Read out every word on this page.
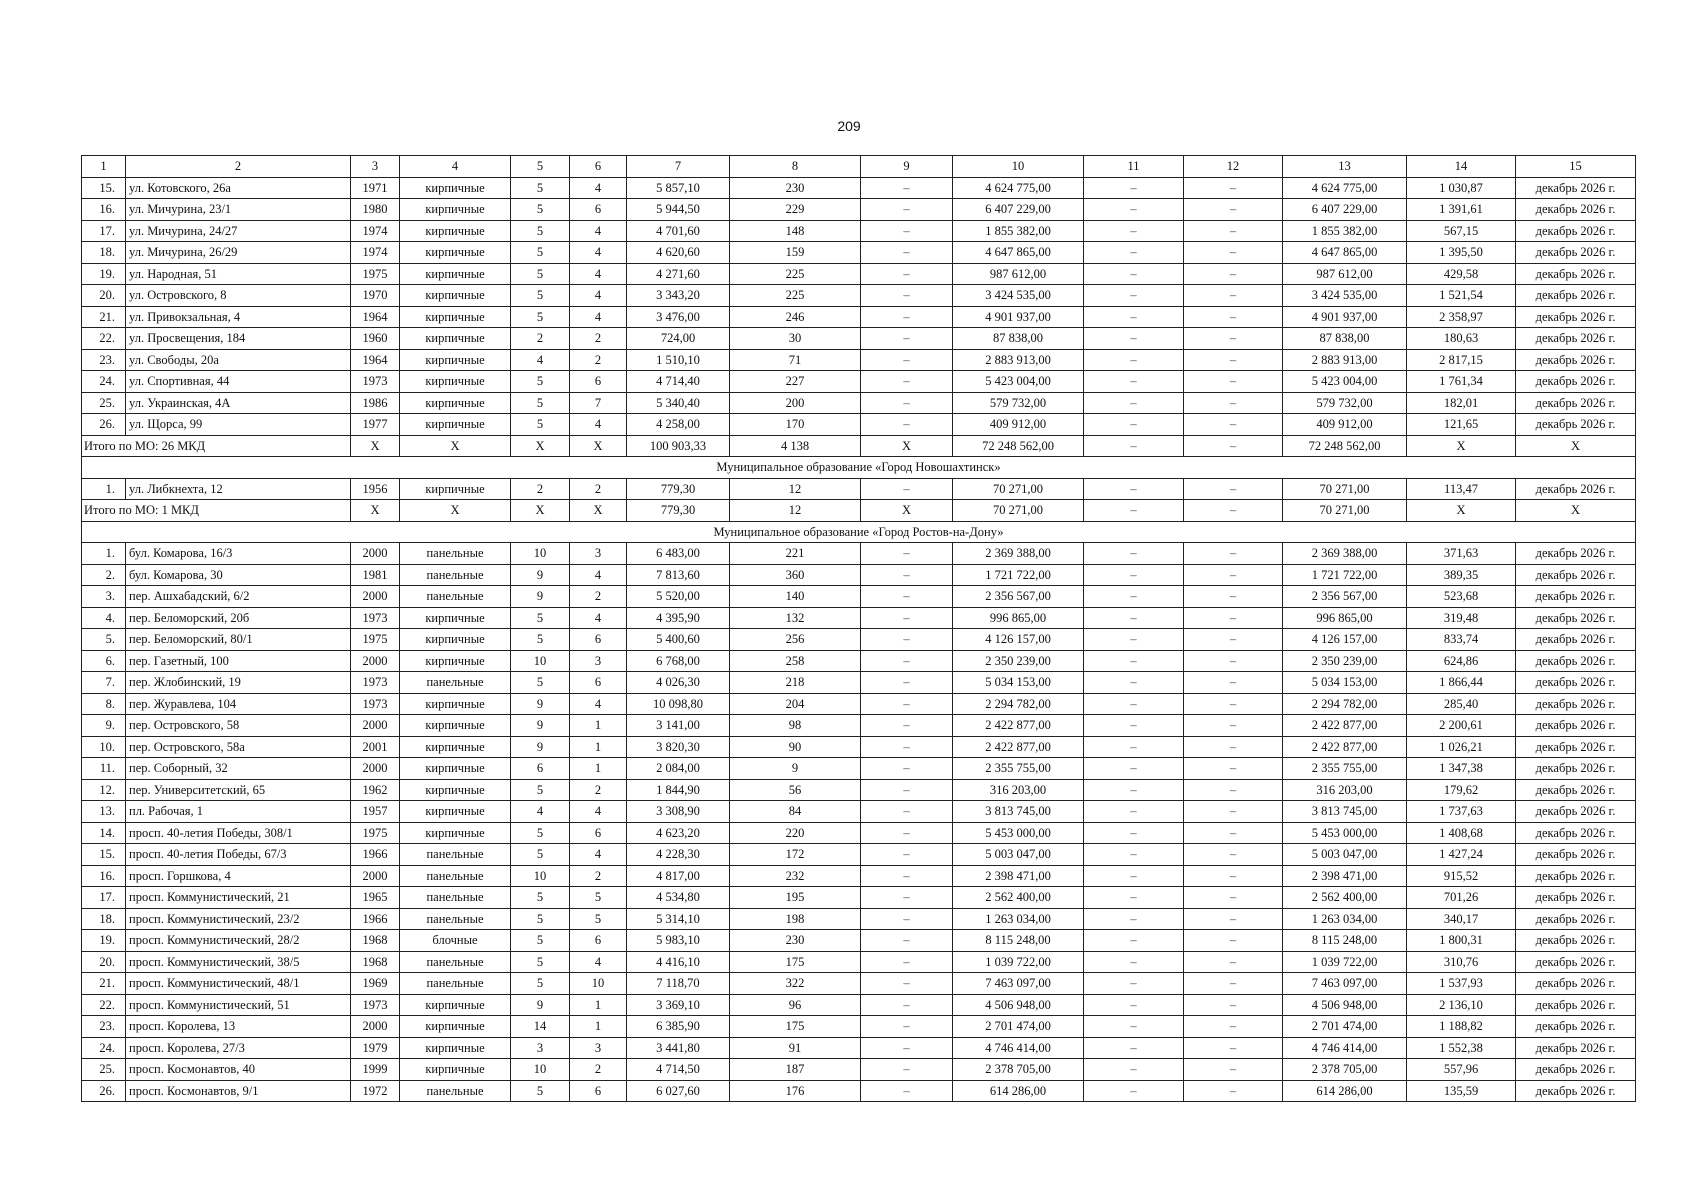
209
1	2	3	4	5	6	7	8	9	10	11	12	13	14	15
15.	ул. Котовского, 26а	1971	кирпичные	5	4	5 857,10	230	–	4 624 775,00	–	–	4 624 775,00	1 030,87	декабрь 2026 г.
16.	ул. Мичурина, 23/1	1980	кирпичные	5	6	5 944,50	229	–	6 407 229,00	–	–	6 407 229,00	1 391,61	декабрь 2026 г.
17.	ул. Мичурина, 24/27	1974	кирпичные	5	4	4 701,60	148	–	1 855 382,00	–	–	1 855 382,00	567,15	декабрь 2026 г.
18.	ул. Мичурина, 26/29	1974	кирпичные	5	4	4 620,60	159	–	4 647 865,00	–	–	4 647 865,00	1 395,50	декабрь 2026 г.
19.	ул. Народная, 51	1975	кирпичные	5	4	4 271,60	225	–	987 612,00	–	–	987 612,00	429,58	декабрь 2026 г.
20.	ул. Островского, 8	1970	кирпичные	5	4	3 343,20	225	–	3 424 535,00	–	–	3 424 535,00	1 521,54	декабрь 2026 г.
21.	ул. Привокзальная, 4	1964	кирпичные	5	4	3 476,00	246	–	4 901 937,00	–	–	4 901 937,00	2 358,97	декабрь 2026 г.
22.	ул. Просвещения, 184	1960	кирпичные	2	2	724,00	30	–	87 838,00	–	–	87 838,00	180,63	декабрь 2026 г.
23.	ул. Свободы, 20а	1964	кирпичные	4	2	1 510,10	71	–	2 883 913,00	–	–	2 883 913,00	2 817,15	декабрь 2026 г.
24.	ул. Спортивная, 44	1973	кирпичные	5	6	4 714,40	227	–	5 423 004,00	–	–	5 423 004,00	1 761,34	декабрь 2026 г.
25.	ул. Украинская, 4А	1986	кирпичные	5	7	5 340,40	200	–	579 732,00	–	–	579 732,00	182,01	декабрь 2026 г.
26.	ул. Щорса, 99	1977	кирпичные	5	4	4 258,00	170	–	409 912,00	–	–	409 912,00	121,65	декабрь 2026 г.
Итого по МО: 26 МКД		Х	Х	Х	Х	100 903,33	4 138	Х	72 248 562,00	–	–	72 248 562,00	Х	Х
Муниципальное образование «Город Новошахтинск»														
1.	ул. Либкнехта, 12	1956	кирпичные	2	2	779,30	12	–	70 271,00	–	–	70 271,00	113,47	декабрь 2026 г.
Итого по МО: 1 МКД		Х	Х	Х	Х	779,30	12	Х	70 271,00	–	–	70 271,00	Х	Х
Муниципальное образование «Город Ростов-на-Дону»														
1.	бул. Комарова, 16/3	2000	панельные	10	3	6 483,00	221	–	2 369 388,00	–	–	2 369 388,00	371,63	декабрь 2026 г.
2.	бул. Комарова, 30	1981	панельные	9	4	7 813,60	360	–	1 721 722,00	–	–	1 721 722,00	389,35	декабрь 2026 г.
3.	пер. Ашхабадский, 6/2	2000	панельные	9	2	5 520,00	140	–	2 356 567,00	–	–	2 356 567,00	523,68	декабрь 2026 г.
4.	пер. Беломорский, 20б	1973	кирпичные	5	4	4 395,90	132	–	996 865,00	–	–	996 865,00	319,48	декабрь 2026 г.
5.	пер. Беломорский, 80/1	1975	кирпичные	5	6	5 400,60	256	–	4 126 157,00	–	–	4 126 157,00	833,74	декабрь 2026 г.
6.	пер. Газетный, 100	2000	кирпичные	10	3	6 768,00	258	–	2 350 239,00	–	–	2 350 239,00	624,86	декабрь 2026 г.
7.	пер. Жлобинский, 19	1973	панельные	5	6	4 026,30	218	–	5 034 153,00	–	–	5 034 153,00	1 866,44	декабрь 2026 г.
8.	пер. Журавлева, 104	1973	кирпичные	9	4	10 098,80	204	–	2 294 782,00	–	–	2 294 782,00	285,40	декабрь 2026 г.
9.	пер. Островского, 58	2000	кирпичные	9	1	3 141,00	98	–	2 422 877,00	–	–	2 422 877,00	2 200,61	декабрь 2026 г.
10.	пер. Островского, 58а	2001	кирпичные	9	1	3 820,30	90	–	2 422 877,00	–	–	2 422 877,00	1 026,21	декабрь 2026 г.
11.	пер. Соборный, 32	2000	кирпичные	6	1	2 084,00	9	–	2 355 755,00	–	–	2 355 755,00	1 347,38	декабрь 2026 г.
12.	пер. Университетский, 65	1962	кирпичные	5	2	1 844,90	56	–	316 203,00	–	–	316 203,00	179,62	декабрь 2026 г.
13.	пл. Рабочая, 1	1957	кирпичные	4	4	3 308,90	84	–	3 813 745,00	–	–	3 813 745,00	1 737,63	декабрь 2026 г.
14.	просп. 40-летия Победы, 308/1	1975	кирпичные	5	6	4 623,20	220	–	5 453 000,00	–	–	5 453 000,00	1 408,68	декабрь 2026 г.
15.	просп. 40-летия Победы, 67/3	1966	панельные	5	4	4 228,30	172	–	5 003 047,00	–	–	5 003 047,00	1 427,24	декабрь 2026 г.
16.	просп. Горшкова, 4	2000	панельные	10	2	4 817,00	232	–	2 398 471,00	–	–	2 398 471,00	915,52	декабрь 2026 г.
17.	просп. Коммунистический, 21	1965	панельные	5	5	4 534,80	195	–	2 562 400,00	–	–	2 562 400,00	701,26	декабрь 2026 г.
18.	просп. Коммунистический, 23/2	1966	панельные	5	5	5 314,10	198	–	1 263 034,00	–	–	1 263 034,00	340,17	декабрь 2026 г.
19.	просп. Коммунистический, 28/2	1968	блочные	5	6	5 983,10	230	–	8 115 248,00	–	–	8 115 248,00	1 800,31	декабрь 2026 г.
20.	просп. Коммунистический, 38/5	1968	панельные	5	4	4 416,10	175	–	1 039 722,00	–	–	1 039 722,00	310,76	декабрь 2026 г.
21.	просп. Коммунистический, 48/1	1969	панельные	5	10	7 118,70	322	–	7 463 097,00	–	–	7 463 097,00	1 537,93	декабрь 2026 г.
22.	просп. Коммунистический, 51	1973	кирпичные	9	1	3 369,10	96	–	4 506 948,00	–	–	4 506 948,00	2 136,10	декабрь 2026 г.
23.	просп. Королева, 13	2000	кирпичные	14	1	6 385,90	175	–	2 701 474,00	–	–	2 701 474,00	1 188,82	декабрь 2026 г.
24.	просп. Королева, 27/3	1979	кирпичные	3	3	3 441,80	91	–	4 746 414,00	–	–	4 746 414,00	1 552,38	декабрь 2026 г.
25.	просп. Космонавтов, 40	1999	кирпичные	10	2	4 714,50	187	–	2 378 705,00	–	–	2 378 705,00	557,96	декабрь 2026 г.
26.	просп. Космонавтов, 9/1	1972	панельные	5	6	6 027,60	176	–	614 286,00	–	–	614 286,00	135,59	декабрь 2026 г.
